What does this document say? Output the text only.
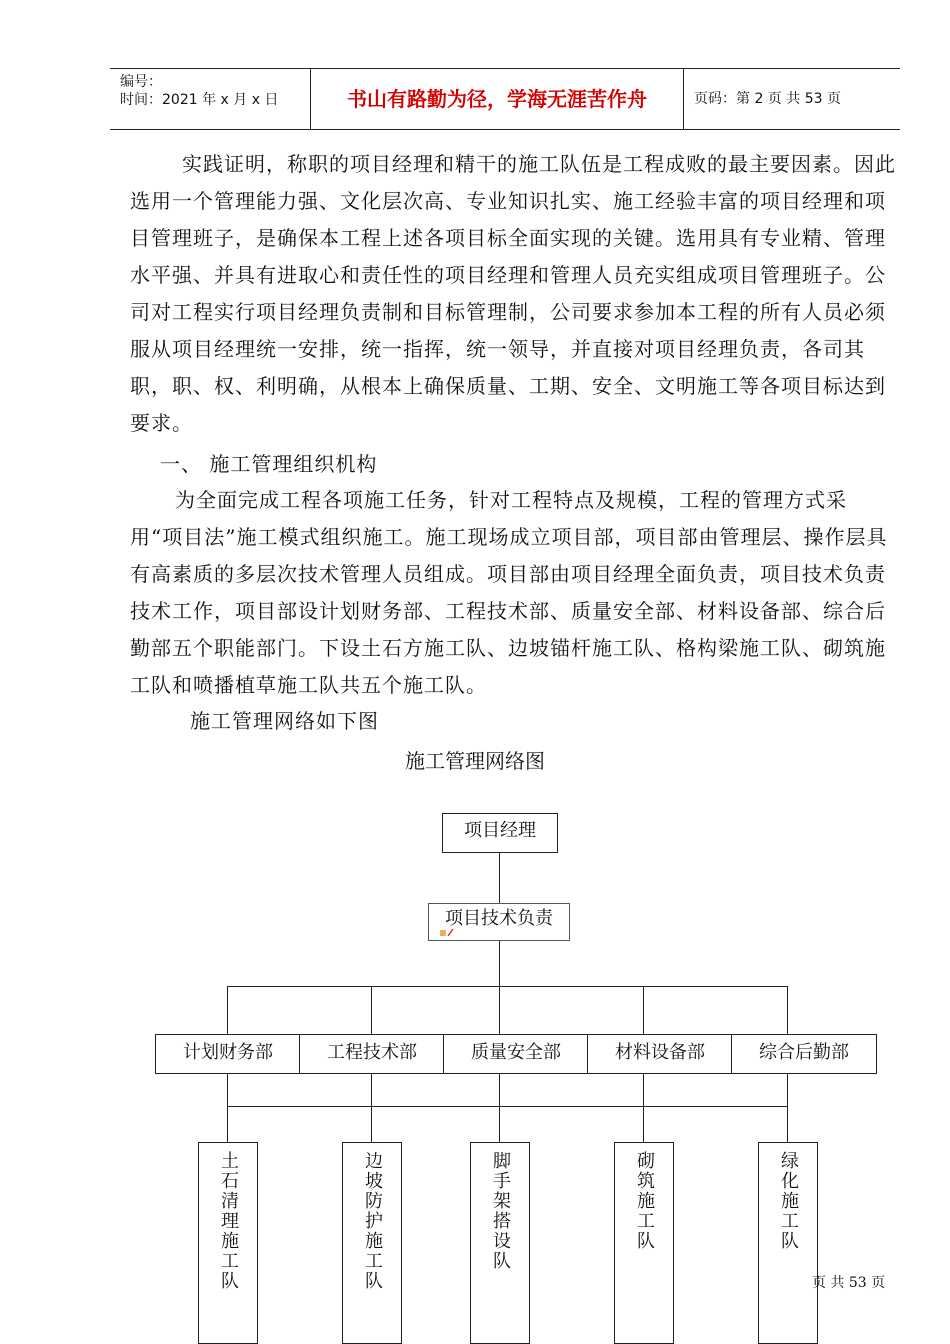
编号：
时间：2021 年 x 月 x 日	书山有路勤为径，学海无涯苦作舟	页码：第 2 页 共 53 页
实践证明，称职的项目经理和精干的施工队伍是工程成败的最主要因素。因此选用一个管理能力强、文化层次高、专业知识扎实、施工经验丰富的项目经理和项目管理班子，是确保本工程上述各项目标全面实现的关键。选用具有专业精、管理水平强、并具有进取心和责任性的项目经理和管理人员充实组成项目管理班子。公司对工程实行项目经理负责制和目标管理制，公司要求参加本工程的所有人员必须服从项目经理统一安排，统一指挥，统一领导，并直接对项目经理负责，各司其职，职、权、利明确，从根本上确保质量、工期、安全、文明施工等各项目标达到要求。
一、 施工管理组织机构
为全面完成工程各项施工任务，针对工程特点及规模，工程的管理方式采用“项目法”施工模式组织施工。施工现场成立项目部，项目部由管理层、操作层具有高素质的多层次技术管理人员组成。项目部由项目经理全面负责，项目技术负责技术工作，项目部设计划财务部、工程技术部、质量安全部、材料设备部、综合后勤部五个职能部门。下设土石方施工队、边坡锚杆施工队、格构梁施工队、砌筑施工队和喷播植草施工队共五个施工队。
施工管理网络如下图
施工管理网络图
项目经理
项目技术负责
计划财务部	工程技术部	质量安全部	材料设备部	综合后勤部
土石清理施工队	边坡防护施工队	脚手架搭设队	砌筑施工队	绿化施工队
页 共 53 页
